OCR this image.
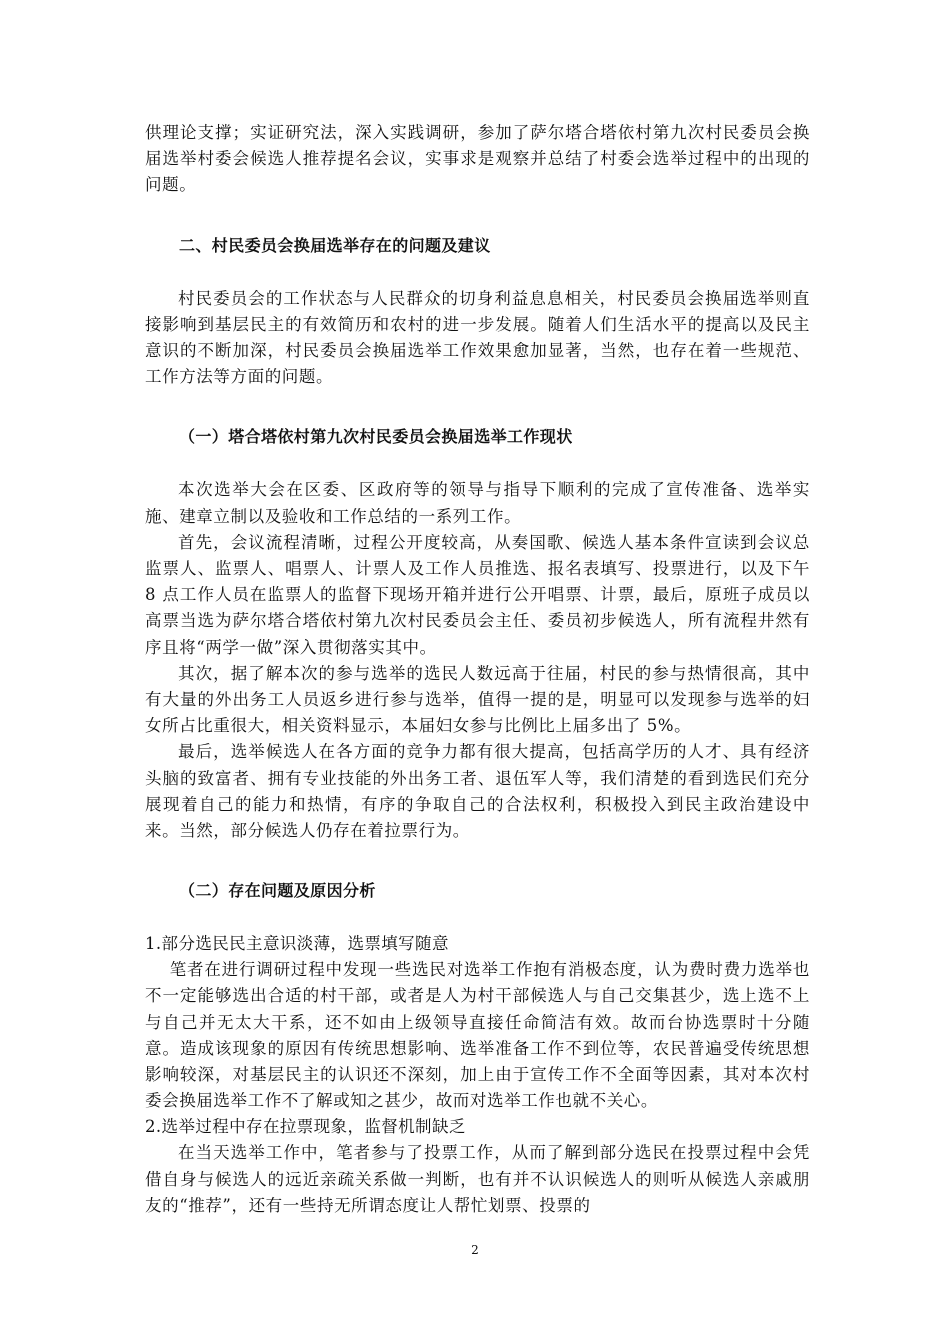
供理论支撑；实证研究法，深入实践调研，参加了萨尔塔合塔依村第九次村民委员会换届选举村委会候选人推荐提名会议，实事求是观察并总结了村委会选举过程中的出现的问题。

二、村民委员会换届选举存在的问题及建议

村民委员会的工作状态与人民群众的切身利益息息相关，村民委员会换届选举则直接影响到基层民主的有效简历和农村的进一步发展。随着人们生活水平的提高以及民主意识的不断加深，村民委员会换届选举工作效果愈加显著，当然，也存在着一些规范、工作方法等方面的问题。

（一）塔合塔依村第九次村民委员会换届选举工作现状

本次选举大会在区委、区政府等的领导与指导下顺利的完成了宣传准备、选举实施、建章立制以及验收和工作总结的一系列工作。

首先，会议流程清晰，过程公开度较高，从奏国歌、候选人基本条件宣读到会议总监票人、监票人、唱票人、计票人及工作人员推选、报名表填写、投票进行，以及下午 8 点工作人员在监票人的监督下现场开箱并进行公开唱票、计票，最后，原班子成员以高票当选为萨尔塔合塔依村第九次村民委员会主任、委员初步候选人，所有流程井然有序且将“两学一做”深入贯彻落实其中。

其次，据了解本次的参与选举的选民人数远高于往届，村民的参与热情很高，其中有大量的外出务工人员返乡进行参与选举，值得一提的是，明显可以发现参与选举的妇女所占比重很大，相关资料显示，本届妇女参与比例比上届多出了 5%。

最后，选举候选人在各方面的竞争力都有很大提高，包括高学历的人才、具有经济头脑的致富者、拥有专业技能的外出务工者、退伍军人等，我们清楚的看到选民们充分展现着自己的能力和热情，有序的争取自己的合法权利，积极投入到民主政治建设中来。当然，部分候选人仍存在着拉票行为。

（二）存在问题及原因分析

1.部分选民民主意识淡薄，选票填写随意

笔者在进行调研过程中发现一些选民对选举工作抱有消极态度，认为费时费力选举也不一定能够选出合适的村干部，或者是人为村干部候选人与自己交集甚少，选上选不上与自己并无太大干系，还不如由上级领导直接任命简洁有效。故而台协选票时十分随意。造成该现象的原因有传统思想影响、选举准备工作不到位等，农民普遍受传统思想影响较深，对基层民主的认识还不深刻，加上由于宣传工作不全面等因素，其对本次村委会换届选举工作不了解或知之甚少，故而对选举工作也就不关心。

2.选举过程中存在拉票现象，监督机制缺乏

在当天选举工作中，笔者参与了投票工作，从而了解到部分选民在投票过程中会凭借自身与候选人的远近亲疏关系做一判断，也有并不认识候选人的则听从候选人亲戚朋友的“推荐”，还有一些持无所谓态度让人帮忙划票、投票的

2
